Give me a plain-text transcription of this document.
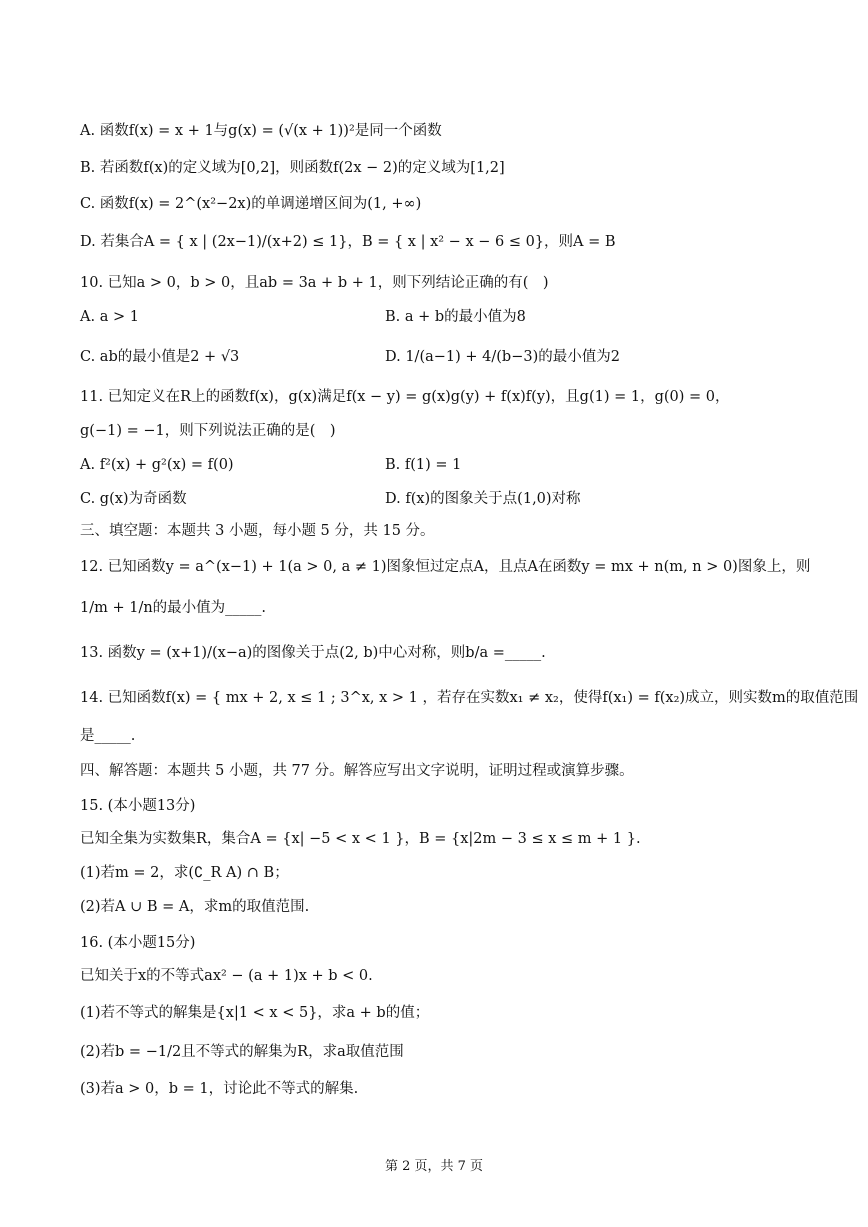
A. 函数f(x) = x + 1与g(x) = (√(x + 1))²是同一个函数
B. 若函数f(x)的定义域为[0,2]，则函数f(2x − 2)的定义域为[1,2]
C. 函数f(x) = 2^(x²−2x)的单调递增区间为(1, +∞)
D. 若集合A = { x | (2x−1)/(x+2) ≤ 1}，B = { x | x² − x − 6 ≤ 0}，则A = B
10. 已知a > 0，b > 0，且ab = 3a + b + 1，则下列结论正确的有(　)
A. a > 1	B. a + b的最小值为8
C. ab的最小值是2 + √3	D. 1/(a−1) + 4/(b−3)的最小值为2
11. 已知定义在R上的函数f(x)，g(x)满足f(x − y) = g(x)g(y) + f(x)f(y)，且g(1) = 1，g(0) = 0，
g(−1) = −1，则下列说法正确的是(　)
A. f²(x) + g²(x) = f(0)	B. f(1) = 1
C. g(x)为奇函数	D. f(x)的图象关于点(1,0)对称
三、填空题：本题共 3 小题，每小题 5 分，共 15 分。
12. 已知函数y = a^(x−1) + 1(a > 0, a ≠ 1)图象恒过定点A，且点A在函数y = mx + n(m, n > 0)图象上，则
1/m + 1/n的最小值为_____.
13. 函数y = (x+1)/(x−a)的图像关于点(2, b)中心对称，则b/a =_____.
14. 已知函数f(x) = { mx + 2, x ≤ 1 ; 3^x, x > 1 ，若存在实数x₁ ≠ x₂，使得f(x₁) = f(x₂)成立，则实数m的取值范围
是_____.
四、解答题：本题共 5 小题，共 77 分。解答应写出文字说明，证明过程或演算步骤。
15. (本小题13分)
已知全集为实数集R，集合A = {x| −5 < x < 1 }，B = {x|2m − 3 ≤ x ≤ m + 1 }.
(1)若m = 2，求(∁_R A) ∩ B；
(2)若A ∪ B = A，求m的取值范围.
16. (本小题15分)
已知关于x的不等式ax² − (a + 1)x + b < 0.
(1)若不等式的解集是{x|1 < x < 5}，求a + b的值；
(2)若b = −1/2且不等式的解集为R，求a取值范围
(3)若a > 0，b = 1，讨论此不等式的解集.
第 2 页，共 7 页
